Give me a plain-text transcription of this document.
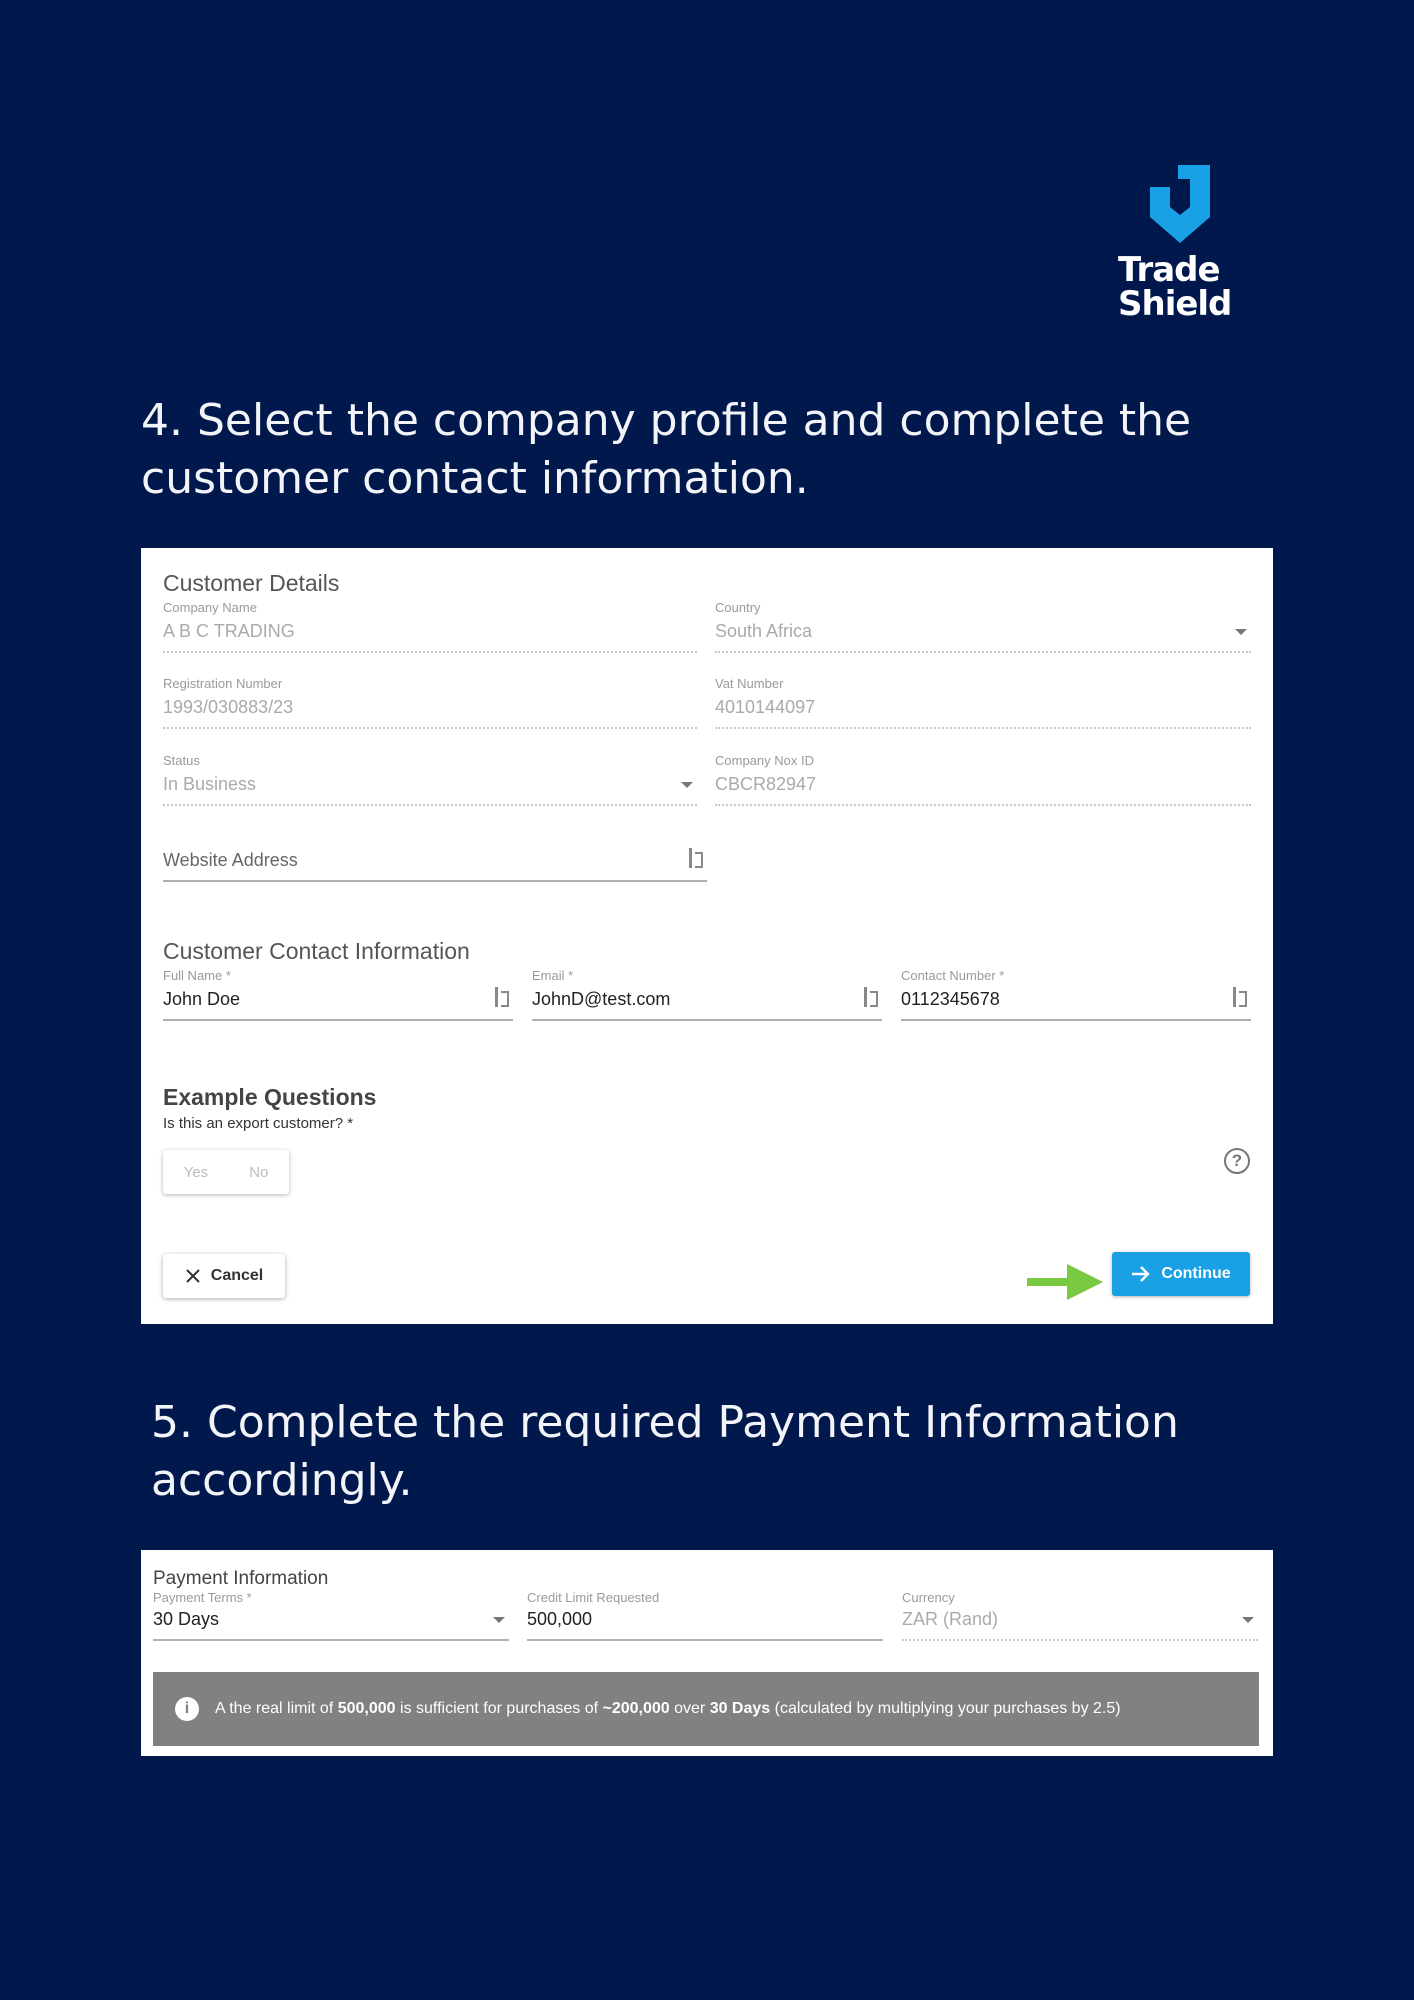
Trade
Shield
4. Select the company profile and complete the customer contact information.
Customer Details
Company Name
A B C TRADING
Country
South Africa
Registration Number
1993/030883/23
Vat Number
4010144097
Status
In Business
Company Nox ID
CBCR82947
Website Address
Customer Contact Information
Full Name *
John Doe
Email *
JohnD@test.com
Contact Number *
0112345678
Example Questions
Is this an export customer? *
Yes	No
?
Cancel	Continue
5. Complete the required Payment Information accordingly.
Payment Information
Payment Terms *
30 Days
Credit Limit Requested
500,000
Currency
ZAR (Rand)
i	A the real limit of 500,000 is sufficient for purchases of ~200,000 over 30 Days (calculated by multiplying your purchases by 2.5)
